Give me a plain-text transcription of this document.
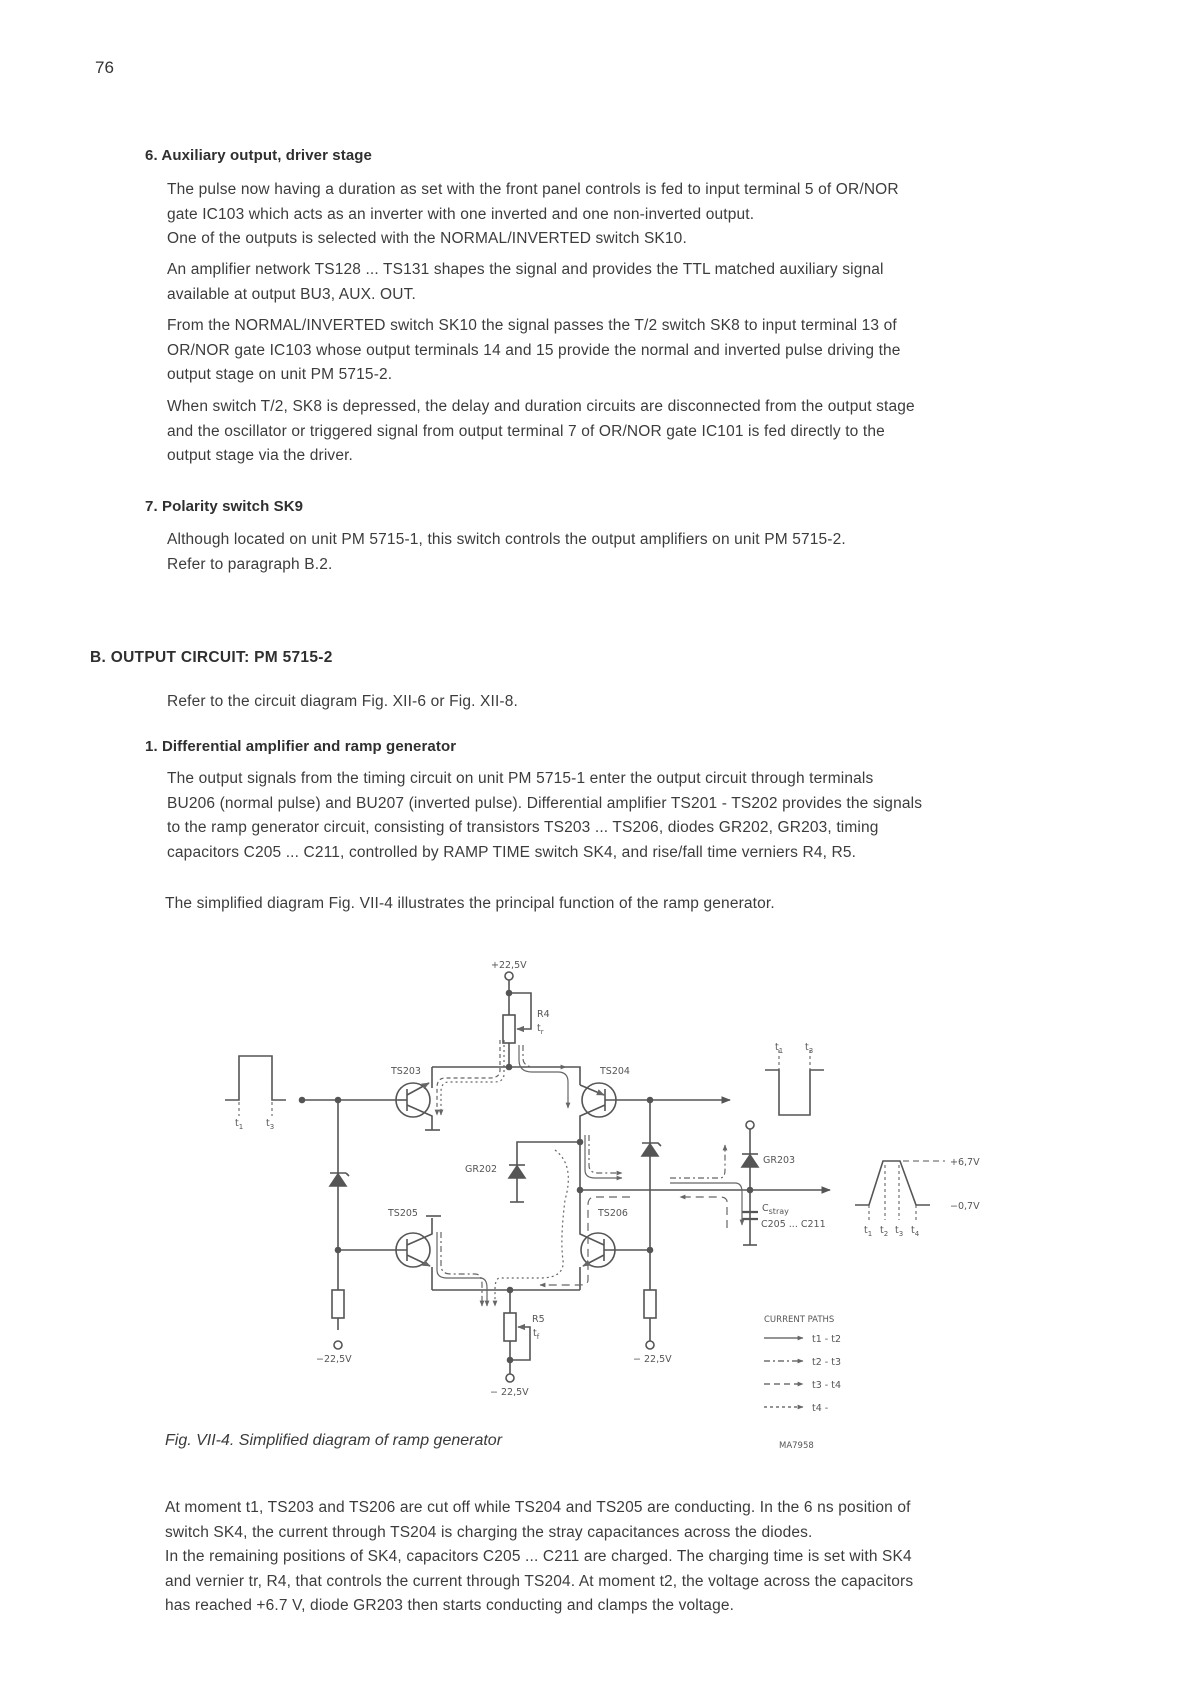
76
6. Auxiliary output, driver stage
The pulse now having a duration as set with the front panel controls is fed to input terminal 5 of OR/NOR
gate IC103 which acts as an inverter with one inverted and one non-inverted output.
One of the outputs is selected with the NORMAL/INVERTED switch SK10.
An amplifier network TS128 ... TS131 shapes the signal and provides the TTL matched auxiliary signal
available at output BU3, AUX. OUT.
From the NORMAL/INVERTED switch SK10 the signal passes the T/2 switch SK8 to input terminal 13 of
OR/NOR gate IC103 whose output terminals 14 and 15 provide the normal and inverted pulse driving the
output stage on unit PM 5715-2.
When switch T/2, SK8 is depressed, the delay and duration circuits are disconnected from the output stage
and the oscillator or triggered signal from output terminal 7 of OR/NOR gate IC101 is fed directly to the
output stage via the driver.
7. Polarity switch SK9
Although located on unit PM 5715-1, this switch controls the output amplifiers on unit PM 5715-2.
Refer to paragraph B.2.
B. OUTPUT CIRCUIT: PM 5715-2
Refer to the circuit diagram Fig. XII-6 or Fig. XII-8.
1. Differential amplifier and ramp generator
The output signals from the timing circuit on unit PM 5715-1 enter the output circuit through terminals
BU206 (normal pulse) and BU207 (inverted pulse). Differential amplifier TS201 - TS202 provides the signals
to the ramp generator circuit, consisting of transistors TS203 ... TS206, diodes GR202, GR203, timing
capacitors C205 ... C211, controlled by RAMP TIME switch SK4, and rise/fall time verniers R4, R5.
The simplified diagram Fig. VII-4 illustrates the principal function of the ramp generator.
+22,5V
R4
$t_r$
TS203	TS204
GR202
GR203
$C_{stray}$
C205 ... C211
TS205	TS206
R5
$t_f$
−22,5V	− 22,5V
− 22,5V
$t_1$ $t_3$
$t_1$ $t_3$
$t_1$ $t_2$ $t_3$ $t_4$
+6,7V
−0,7V
CURRENT PATHS
t1 - t2
t2 - t3
t3 - t4
t4 -
MA7958
Fig. VII-4. Simplified diagram of ramp generator
At moment t1, TS203 and TS206 are cut off while TS204 and TS205 are conducting. In the 6 ns position of
switch SK4, the current through TS204 is charging the stray capacitances across the diodes.
In the remaining positions of SK4, capacitors C205 ... C211 are charged. The charging time is set with SK4
and vernier tr, R4, that controls the current through TS204. At moment t2, the voltage across the capacitors
has reached +6.7 V, diode GR203 then starts conducting and clamps the voltage.
